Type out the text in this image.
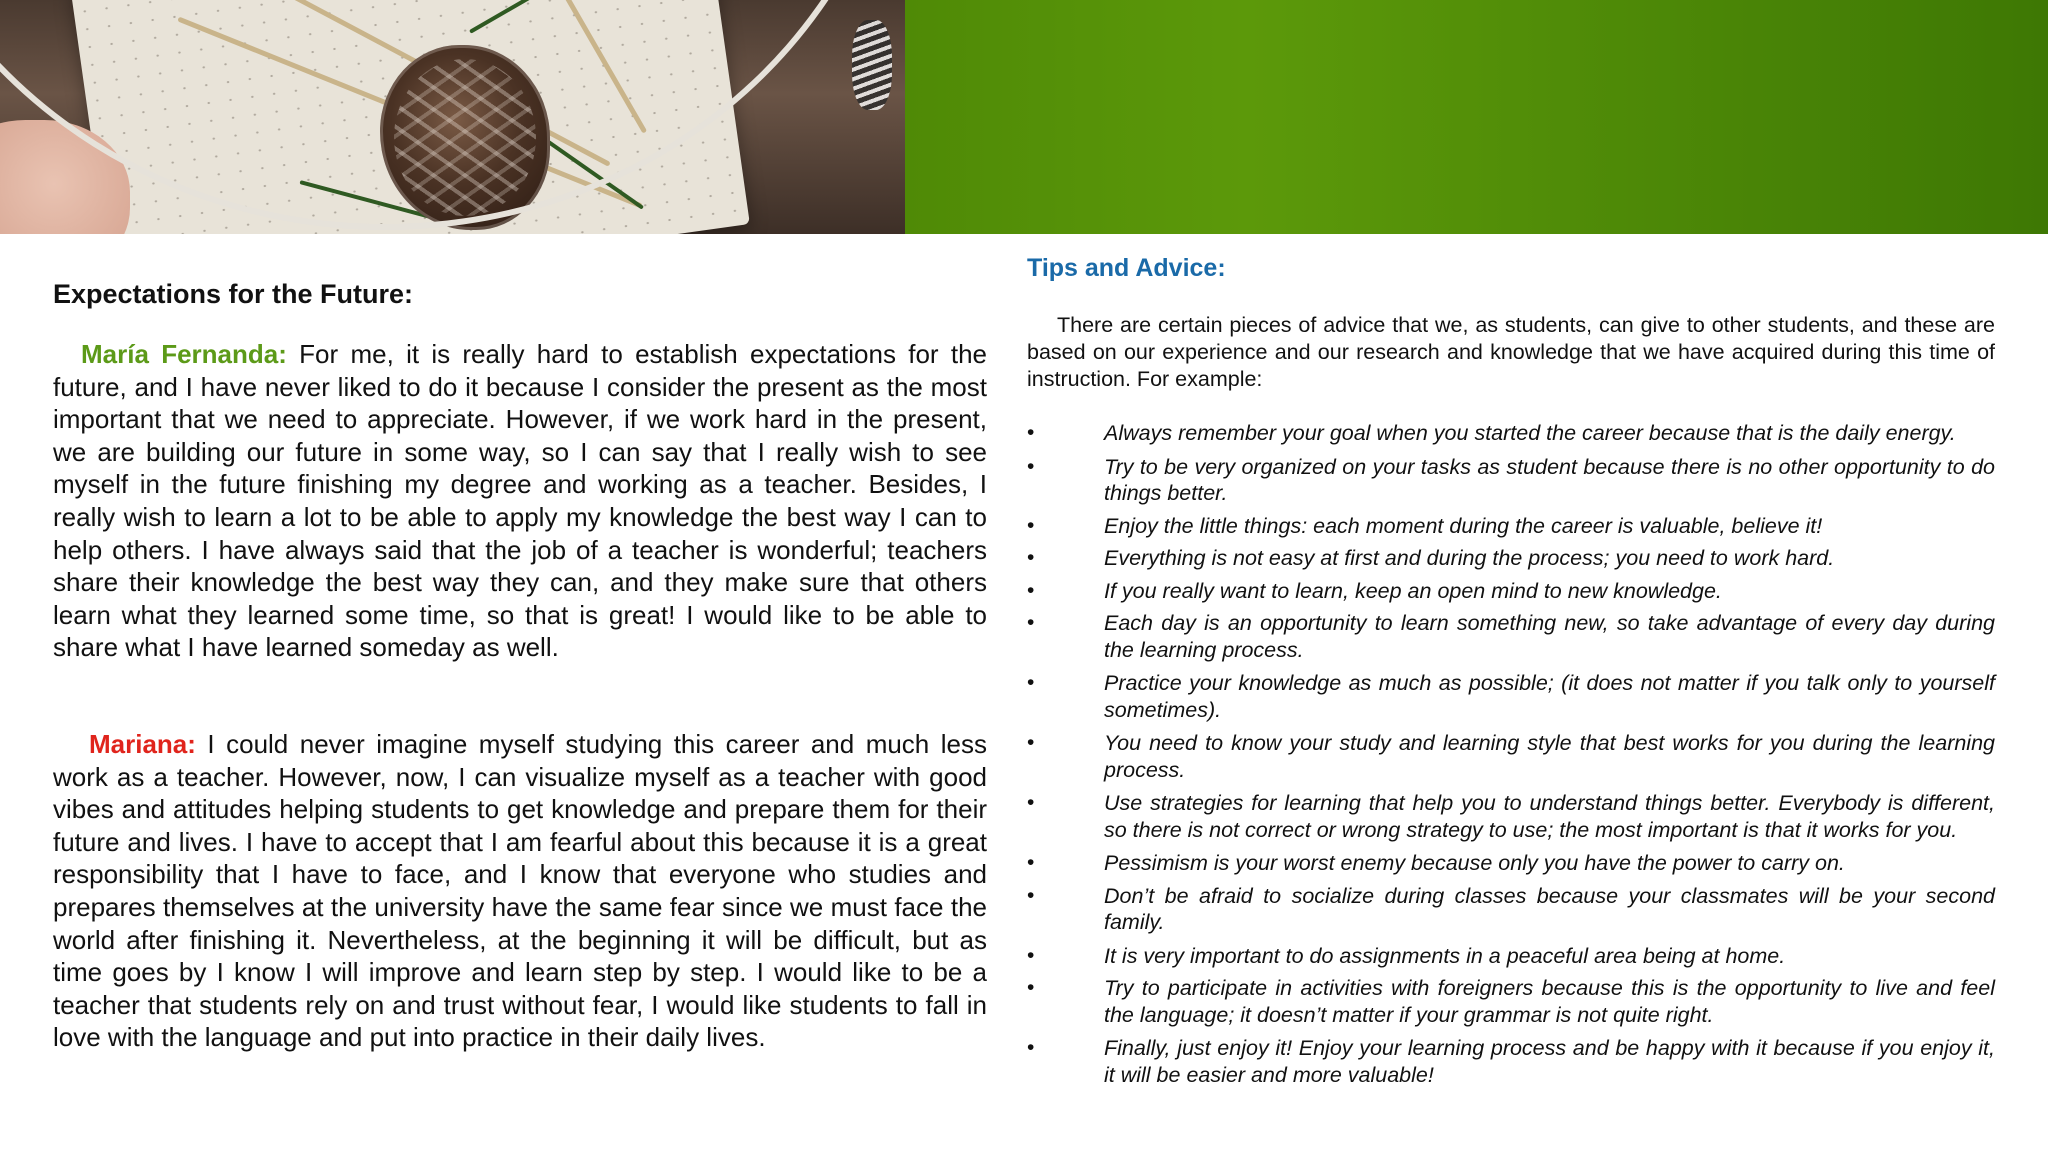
Expectations for the Future:

María Fernanda: For me, it is really hard to establish expectations for the future, and I have never liked to do it because I consider the present as the most important that we need to appreciate. However, if we work hard in the present, we are building our future in some way, so I can say that I really wish to see myself in the future finishing my degree and working as a teacher. Besides, I really wish to learn a lot to be able to apply my knowledge the best way I can to help others. I have always said that the job of a teacher is wonderful; teachers share their knowledge the best way they can, and they make sure that others learn what they learned some time, so that is great! I would like to be able to share what I have learned someday as well.

Mariana: I could never imagine myself studying this career and much less work as a teacher. However, now, I can visualize myself as a teacher with good vibes and attitudes helping students to get knowledge and prepare them for their future and lives. I have to accept that I am fearful about this because it is a great responsibility that I have to face, and I know that everyone who studies and prepares themselves at the university have the same fear since we must face the world after finishing it. Nevertheless, at the beginning it will be difficult, but as time goes by I know I will improve and learn step by step. I would like to be a teacher that students rely on and trust without fear, I would like students to fall in love with the language and put into practice in their daily lives.

Tips and Advice:

There are certain pieces of advice that we, as students, can give to other students, and these are based on our experience and our research and knowledge that we have acquired during this time of instruction. For example:

•	Always remember your goal when you started the career because that is the daily energy.
•	Try to be very organized on your tasks as student because there is no other opportunity to do things better.
•	Enjoy the little things: each moment during the career is valuable, believe it!
•	Everything is not easy at first and during the process; you need to work hard.
•	If you really want to learn, keep an open mind to new knowledge.
•	Each day is an opportunity to learn something new, so take advantage of every day during the learning process.
•	Practice your knowledge as much as possible; (it does not matter if you talk only to yourself sometimes).
•	You need to know your study and learning style that best works for you during the learning process.
•	Use strategies for learning that help you to understand things better. Everybody is different, so there is not correct or wrong strategy to use; the most important is that it works for you.
•	Pessimism is your worst enemy because only you have the power to carry on.
•	Don’t be afraid to socialize during classes because your classmates will be your second family.
•	It is very important to do assignments in a peaceful area being at home.
•	Try to participate in activities with foreigners because this is the opportunity to live and feel the language; it doesn’t matter if your grammar is not quite right.
•	Finally, just enjoy it! Enjoy your learning process and be happy with it because if you enjoy it, it will be easier and more valuable!
